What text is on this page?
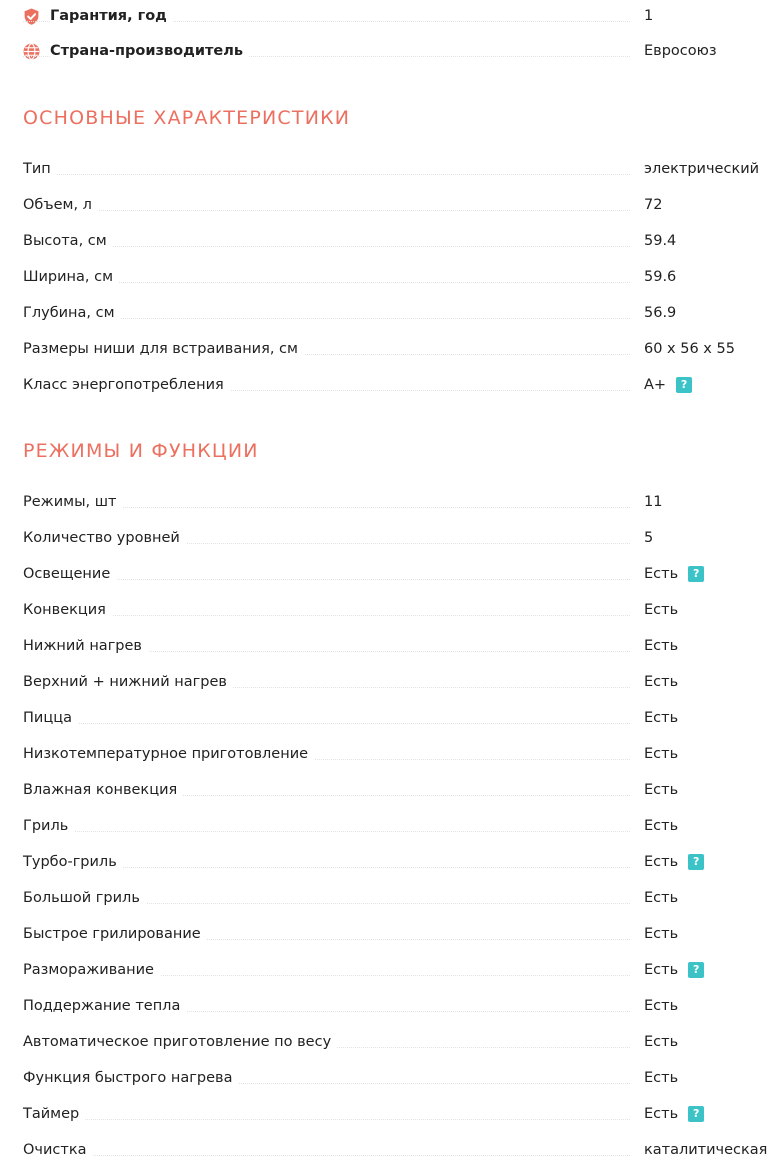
Гарантия, год	1
Страна-производитель	Евросоюз
ОСНОВНЫЕ ХАРАКТЕРИСТИКИ
Тип	электрический
Объем, л	72
Высота, см	59.4
Ширина, см	59.6
Глубина, см	56.9
Размеры ниши для встраивания, см	60 x 56 x 55
Класс энергопотребления	A+	?
РЕЖИМЫ И ФУНКЦИИ
Режимы, шт	11
Количество уровней	5
Освещение	Есть	?
Конвекция	Есть
Нижний нагрев	Есть
Верхний + нижний нагрев	Есть
Пицца	Есть
Низкотемпературное приготовление	Есть
Влажная конвекция	Есть
Гриль	Есть
Турбо-гриль	Есть	?
Большой гриль	Есть
Быстрое грилирование	Есть
Размораживание	Есть	?
Поддержание тепла	Есть
Автоматическое приготовление по весу	Есть
Функция быстрого нагрева	Есть
Таймер	Есть	?
Очистка	каталитическая
